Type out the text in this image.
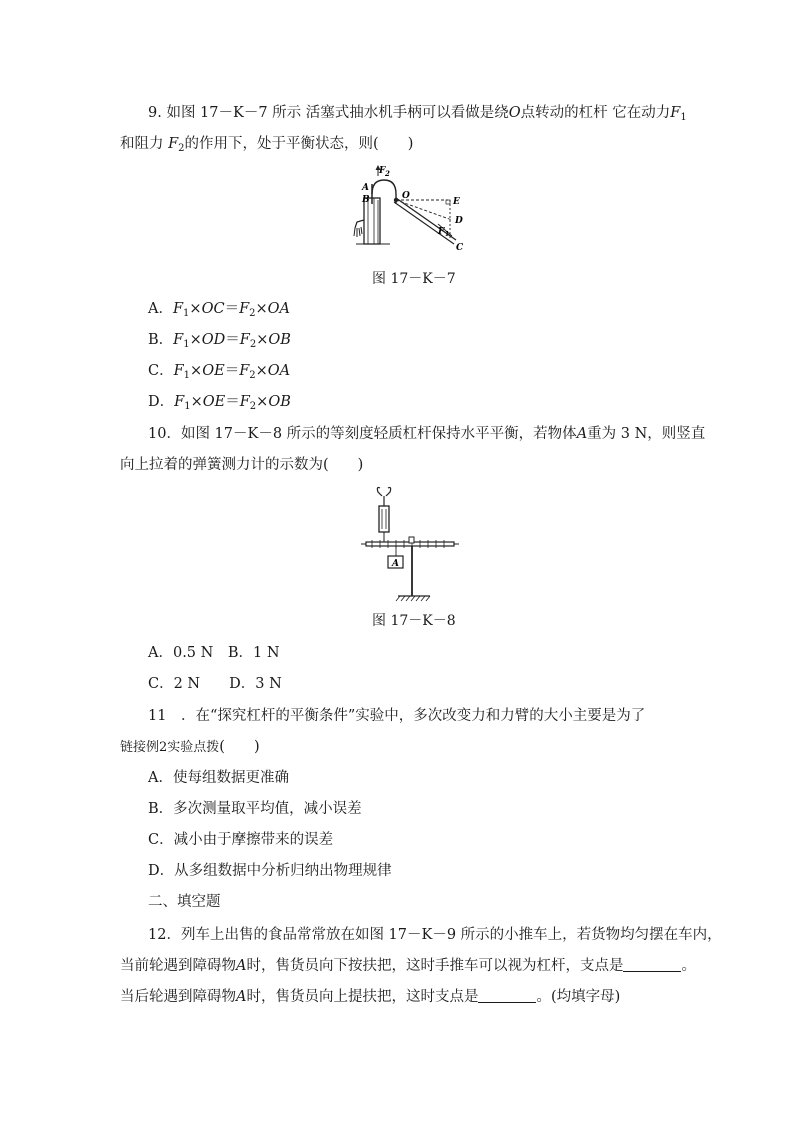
9. 如图 17－K－7 所示 活塞式抽水机手柄可以看做是绕O点转动的杠杆 它在动力$F_1$
和阻力 $F_2$的作用下，处于平衡状态，则(　　)
F 2
A
B	O
E
D
F 1
C
图 17－K－7
A．$F_1\times OC=F_2\times OA$
B．$F_1\times OD=F_2\times OB$
C．$F_1\times OE=F_2\times OA$
D．$F_1\times OE=F_2\times OB$
10．如图 17－K－8 所示的等刻度轻质杠杆保持水平平衡，若物体A重为 3 N，则竖直
向上拉着的弹簧测力计的示数为(　　)
A
图 17－K－8
A．0.5 N　B．1 N
C．2 N　　D．3 N
11　．在“探究杠杆的平衡条件”实验中，多次改变力和力臂的大小主要是为了
链接例2实验点拨(　　)
A．使每组数据更准确
B．多次测量取平均值，减小误差
C．减小由于摩擦带来的误差
D．从多组数据中分析归纳出物理规律
二、填空题
12．列车上出售的食品常常放在如图 17－K－9 所示的小推车上，若货物均匀摆在车内，
当前轮遇到障碍物A时，售货员向下按扶把，这时手推车可以视为杠杆，支点是	。
当后轮遇到障碍物A时，售货员向上提扶把，这时支点是	。(均填字母)
